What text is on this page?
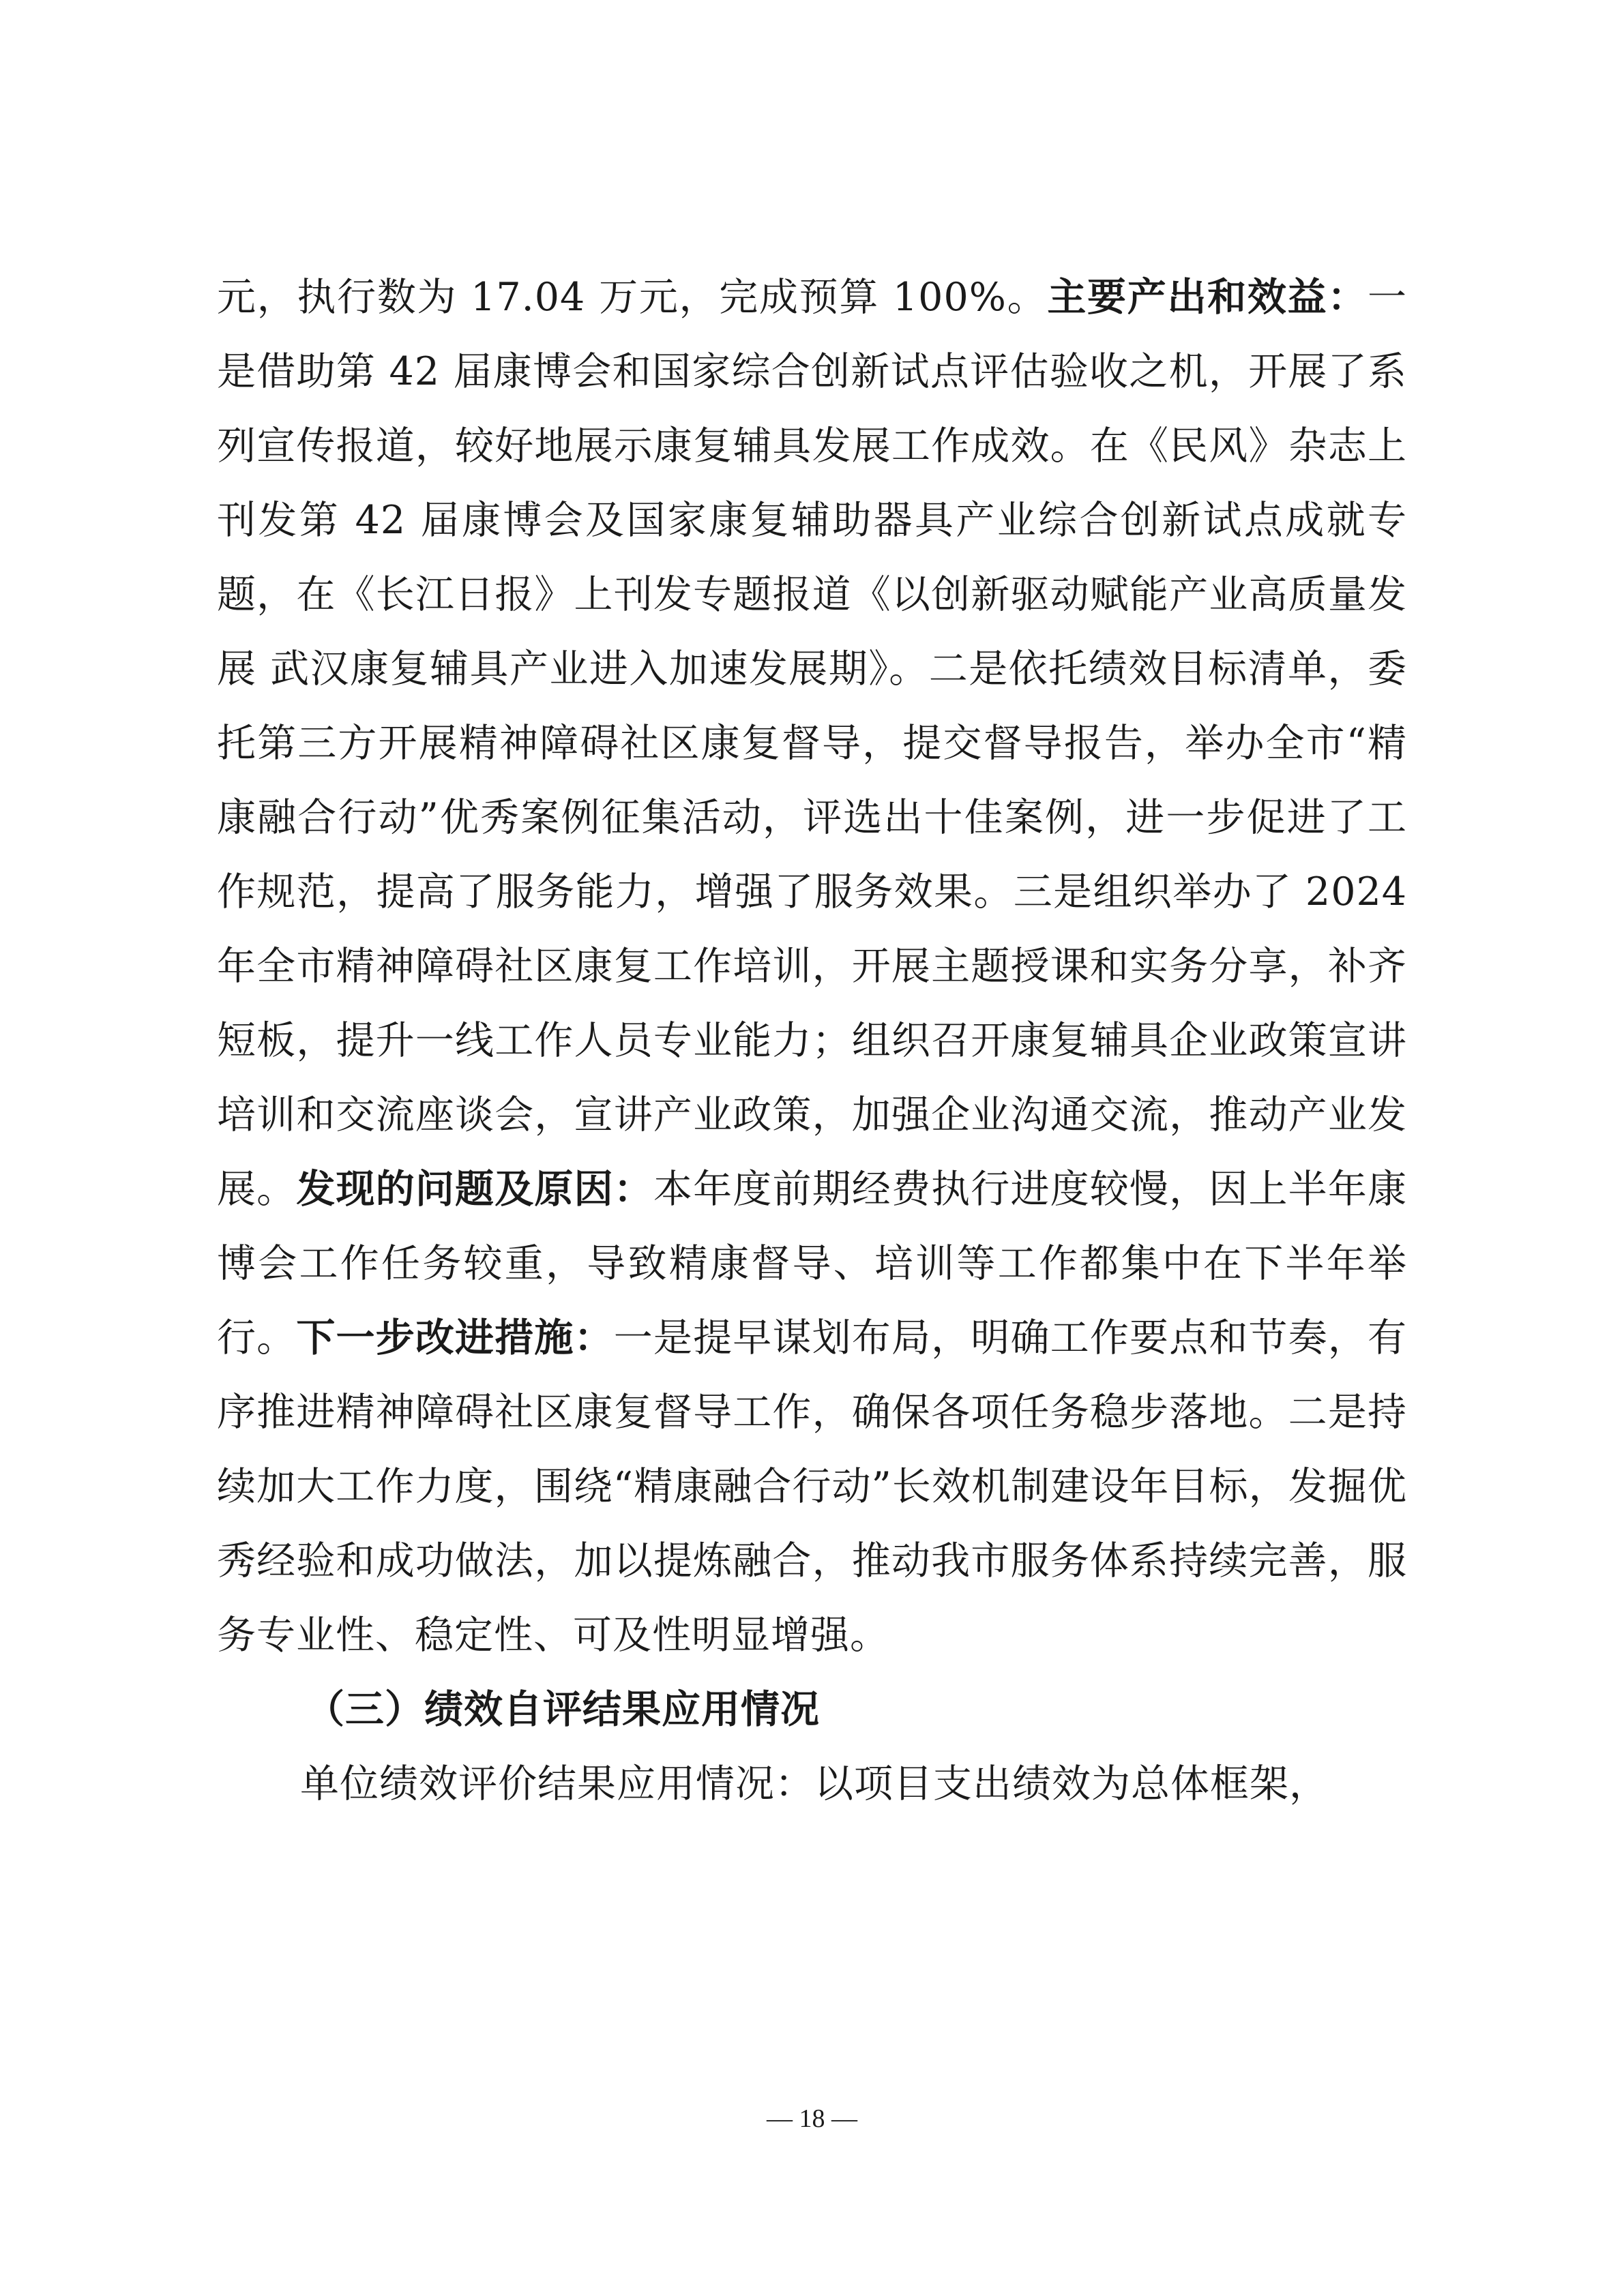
元，执行数为 17.04 万元，完成预算 100%。主要产出和效益：一是借助第 42 届康博会和国家综合创新试点评估验收之机，开展了系列宣传报道，较好地展示康复辅具发展工作成效。在《民风》杂志上刊发第 42 届康博会及国家康复辅助器具产业综合创新试点成就专题，在《长江日报》上刊发专题报道《以创新驱动赋能产业高质量发展 武汉康复辅具产业进入加速发展期》。二是依托绩效目标清单，委托第三方开展精神障碍社区康复督导，提交督导报告，举办全市“精康融合行动”优秀案例征集活动，评选出十佳案例，进一步促进了工作规范，提高了服务能力，增强了服务效果。三是组织举办了 2024 年全市精神障碍社区康复工作培训，开展主题授课和实务分享，补齐短板，提升一线工作人员专业能力；组织召开康复辅具企业政策宣讲培训和交流座谈会，宣讲产业政策，加强企业沟通交流，推动产业发展。发现的问题及原因：本年度前期经费执行进度较慢，因上半年康博会工作任务较重，导致精康督导、培训等工作都集中在下半年举行。下一步改进措施：一是提早谋划布局，明确工作要点和节奏，有序推进精神障碍社区康复督导工作，确保各项任务稳步落地。二是持续加大工作力度，围绕“精康融合行动”长效机制建设年目标，发掘优秀经验和成功做法，加以提炼融合，推动我市服务体系持续完善，服务专业性、稳定性、可及性明显增强。

（三）绩效自评结果应用情况

单位绩效评价结果应用情况：以项目支出绩效为总体框架，

— 18 —
